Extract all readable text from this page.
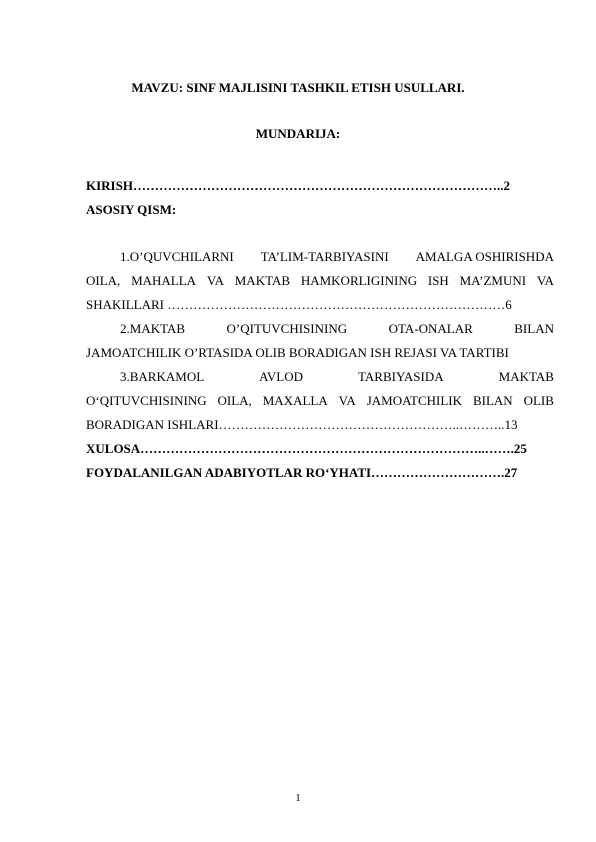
MAVZU: SINF MAJLISINI TASHKIL ETISH USULLARI.
MUNDARIJA:
KIRISH…………………………………………………………………………..2
ASOSIY QISM:
1.O’QUVCHILARNI TA’LIM-TARBIYASINI AMALGA OSHIRISHDA
OILA, MAHALLA VA MAKTAB HAMKORLIGINING ISH MA’ZMUNI VA
SHAKILLARI ……………………………………………………………………6
2.MAKTAB	O’QITUVCHISINING	OTA-ONALAR	BILAN
JAMOATCHILIK O’RTASIDA OLIB BORADIGAN ISH REJASI VA TARTIBI
3.BARKAMOL	AVLOD	TARBIYASIDA	MAKTAB
O‘QITUVCHISINING OILA, MAXALLA VA JAMOATCHILIK BILAN OLIB
BORADIGAN ISHLARI………………………………………………..………..13
XULOSA……………………………………………………………………..…….25
FOYDALANILGAN ADABIYOTLAR RO‘YHATI………………………….27
1
